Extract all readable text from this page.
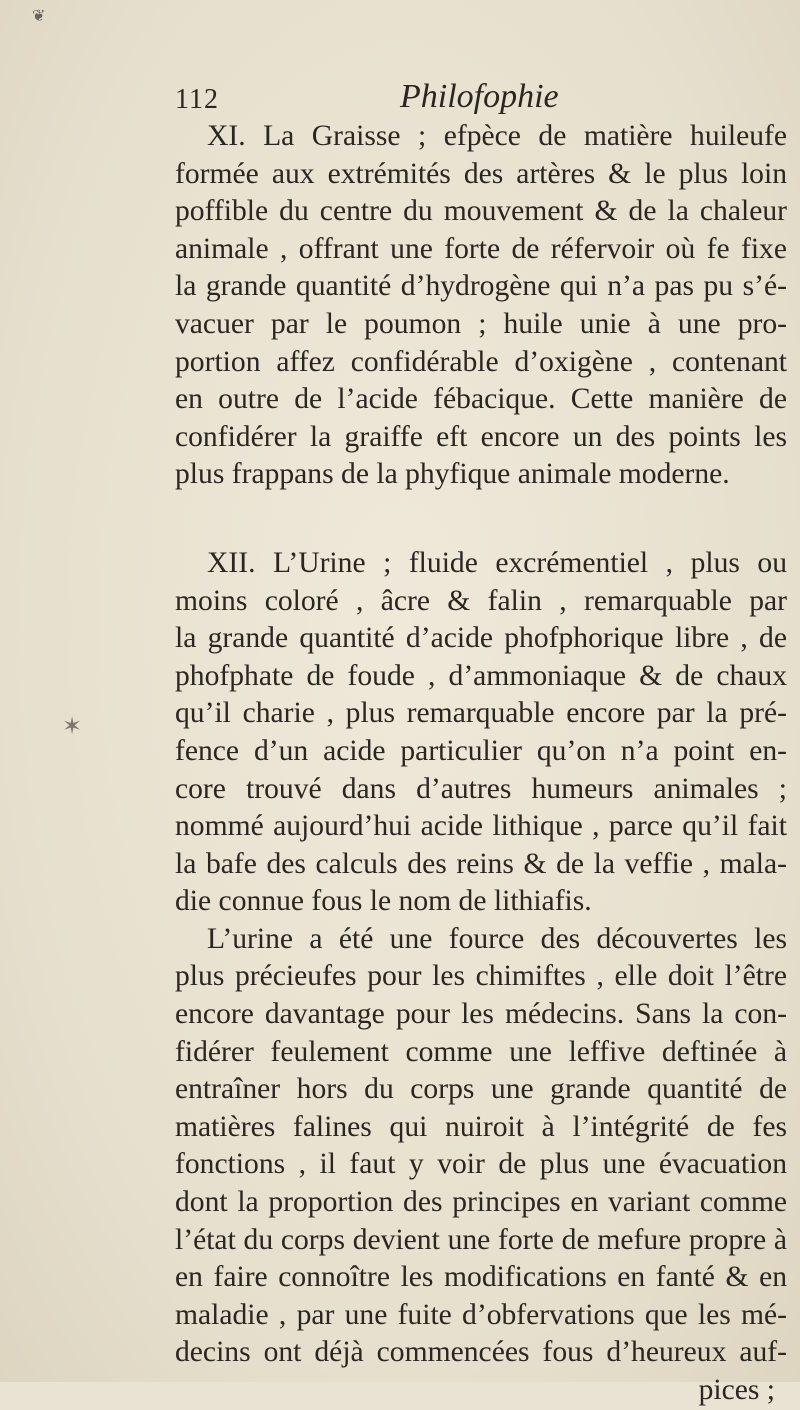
❦
✶
112	Philofophie
XI. La Graisse ; efpèce de matière huileufe
formée aux extrémités des artères & le plus loin
poffible du centre du mouvement & de la chaleur
animale , offrant une forte de réfervoir où fe fixe
la grande quantité d’hydrogène qui n’a pas pu s’é-
vacuer par le poumon ; huile unie à une pro-
portion affez confidérable d’oxigène , contenant
en outre de l’acide fébacique. Cette manière de
confidérer la graiffe eft encore un des points les
plus frappans de la phyfique animale moderne.
XII. L’Urine ; fluide excrémentiel , plus ou
moins coloré , âcre & falin , remarquable par
la grande quantité d’acide phofphorique libre , de
phofphate de foude , d’ammoniaque & de chaux
qu’il charie , plus remarquable encore par la pré-
fence d’un acide particulier qu’on n’a point en-
core trouvé dans d’autres humeurs animales ;
nommé aujourd’hui acide lithique , parce qu’il fait
la bafe des calculs des reins & de la veffie , mala-
die connue fous le nom de lithiafis.
L’urine a été une fource des découvertes les
plus précieufes pour les chimiftes , elle doit l’être
encore davantage pour les médecins. Sans la con-
fidérer feulement comme une leffive deftinée à
entraîner hors du corps une grande quantité de
matières falines qui nuiroit à l’intégrité de fes
fonctions , il faut y voir de plus une évacuation
dont la proportion des principes en variant comme
l’état du corps devient une forte de mefure propre à
en faire connoître les modifications en fanté & en
maladie , par une fuite d’obfervations que les mé-
decins ont déjà commencées fous d’heureux auf-
pices ;
